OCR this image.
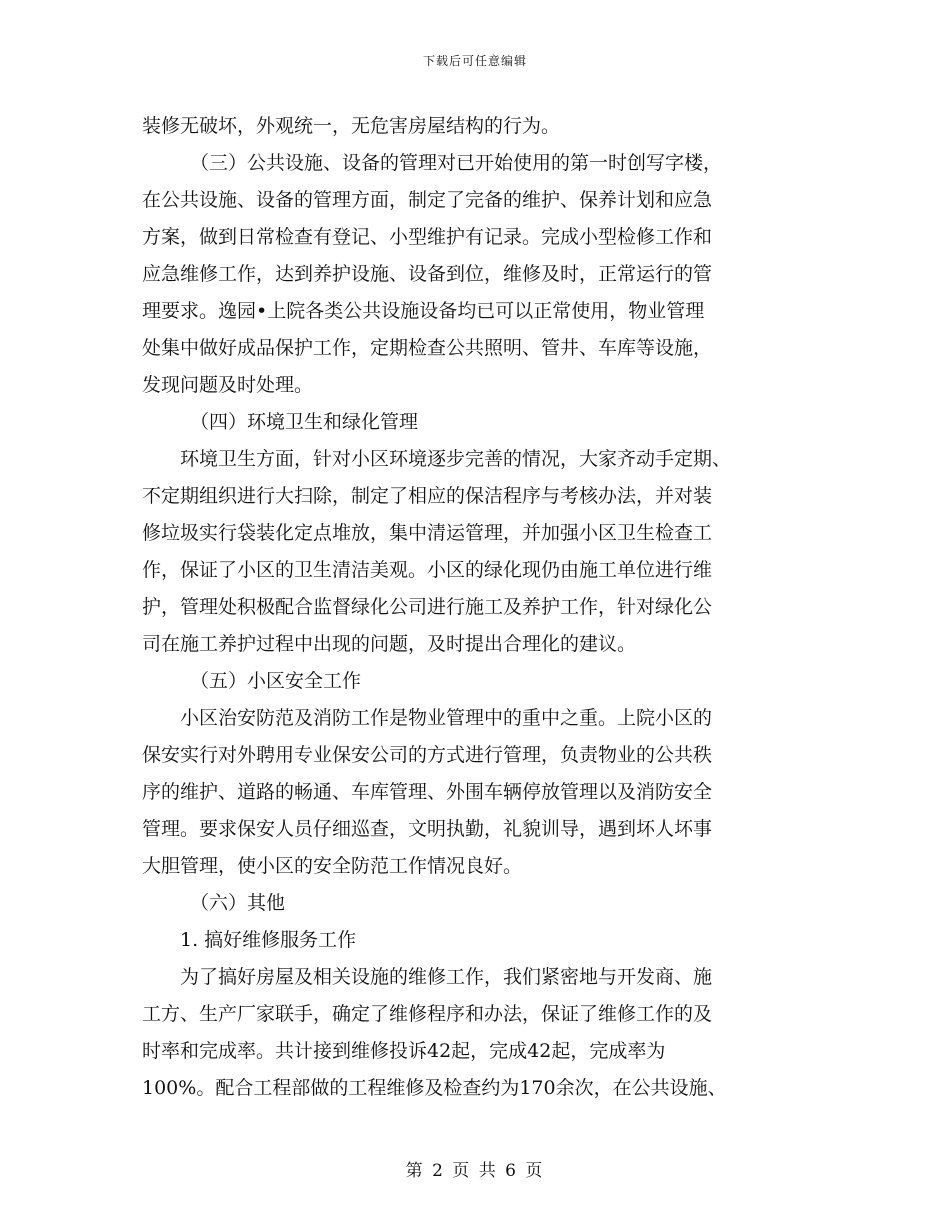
下载后可任意编辑
装修无破坏，外观统一，无危害房屋结构的行为。
（三）公共设施、设备的管理对已开始使用的第一时创写字楼，
在公共设施、设备的管理方面，制定了完备的维护、保养计划和应急
方案，做到日常检查有登记、小型维护有记录。完成小型检修工作和
应急维修工作，达到养护设施、设备到位，维修及时，正常运行的管
理要求。逸园•上院各类公共设施设备均已可以正常使用，物业管理
处集中做好成品保护工作，定期检查公共照明、管井、车库等设施，
发现问题及时处理。
（四）环境卫生和绿化管理
环境卫生方面，针对小区环境逐步完善的情况，大家齐动手定期、
不定期组织进行大扫除，制定了相应的保洁程序与考核办法，并对装
修垃圾实行袋装化定点堆放，集中清运管理，并加强小区卫生检查工
作，保证了小区的卫生清洁美观。小区的绿化现仍由施工单位进行维
护，管理处积极配合监督绿化公司进行施工及养护工作，针对绿化公
司在施工养护过程中出现的问题，及时提出合理化的建议。
（五）小区安全工作
小区治安防范及消防工作是物业管理中的重中之重。上院小区的
保安实行对外聘用专业保安公司的方式进行管理，负责物业的公共秩
序的维护、道路的畅通、车库管理、外围车辆停放管理以及消防安全
管理。要求保安人员仔细巡查，文明执勤，礼貌训导，遇到坏人坏事
大胆管理，使小区的安全防范工作情况良好。
（六）其他
1. 搞好维修服务工作
为了搞好房屋及相关设施的维修工作，我们紧密地与开发商、施
工方、生产厂家联手，确定了维修程序和办法，保证了维修工作的及
时率和完成率。共计接到维修投诉42起，完成42起，完成率为
100%。配合工程部做的工程维修及检查约为170余次，在公共设施、
第 2 页 共 6 页
